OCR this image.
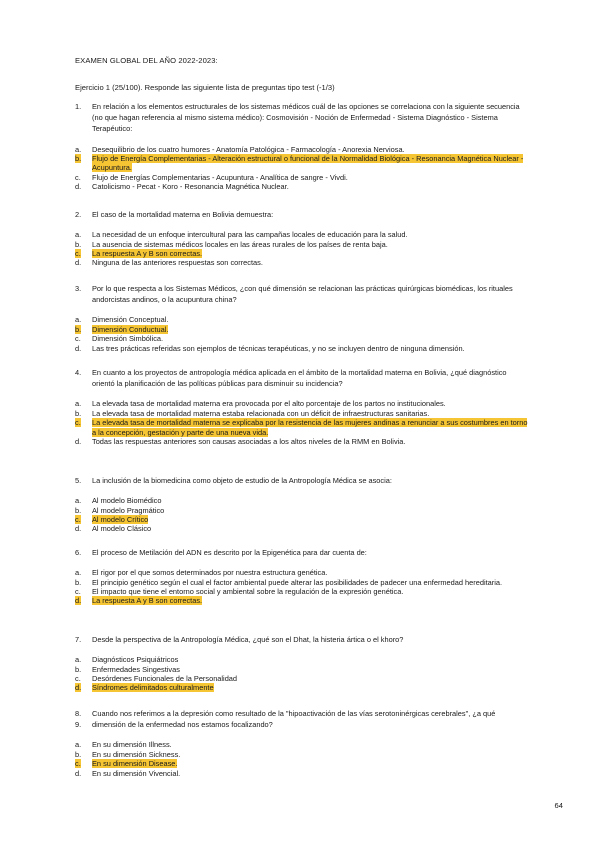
EXAMEN GLOBAL DEL AÑO 2022-2023:
Ejercicio 1 (25/100). Responde las siguiente lista de preguntas tipo test (-1/3)
1.	En relación a los elementos estructurales de los sistemas médicos cuál de las opciones se correlaciona con la siguiente secuencia (no que hagan referencia al mismo sistema médico): Cosmovisión - Noción de Enfermedad - Sistema Diagnóstico - Sistema Terapéutico:
a.	Desequilibrio de los cuatro humores - Anatomía Patológica - Farmacología - Anorexia Nerviosa.
b.	Flujo de Energía Complementarias - Alteración estructural o funcional de la Normalidad Biológica - Resonancia Magnética Nuclear - Acupuntura.
c.	Flujo de Energías Complementarias - Acupuntura - Analítica de sangre - Vivdi.
d.	Catolicismo - Pecat - Koro - Resonancia Magnética Nuclear.
2.	El caso de la mortalidad materna en Bolivia demuestra:
a.	La necesidad de un enfoque intercultural para las campañas locales de educación para la salud.
b.	La ausencia de sistemas médicos locales en las áreas rurales de los países de renta baja.
c.	La respuesta A y B son correctas.
d.	Ninguna de las anteriores respuestas son correctas.
3.	Por lo que respecta a los Sistemas Médicos, ¿con qué dimensión se relacionan las prácticas quirúrgicas biomédicas, los rituales andorcistas andinos, o la acupuntura china?
a.	Dimensión Conceptual.
b.	Dimensión Conductual.
c.	Dimensión Simbólica.
d.	Las tres prácticas referidas son ejemplos de técnicas terapéuticas, y no se incluyen dentro de ninguna dimensión.
4.	En cuanto a los proyectos de antropología médica aplicada en el ámbito de la mortalidad materna en Bolivia, ¿qué diagnóstico orientó la planificación de las políticas públicas para disminuir su incidencia?
a.	La elevada tasa de mortalidad materna era provocada por el alto porcentaje de los partos no institucionales.
b.	La elevada tasa de mortalidad materna estaba relacionada con un déficit de infraestructuras sanitarias.
c.	La elevada tasa de mortalidad materna se explicaba por la resistencia de las mujeres andinas a renunciar a sus costumbres en torno a la concepción, gestación y parte de una nueva vida.
d.	Todas las respuestas anteriores son causas asociadas a los altos niveles de la RMM en Bolivia.
5.	La inclusión de la biomedicina como objeto de estudio de la Antropología Médica se asocia:
a.	Al modelo Biomédico
b.	Al modelo Pragmático
c.	Al modelo Crítico
d.	Al modelo Clásico
6.	El proceso de Metilación del ADN es descrito por la Epigenética para dar cuenta de:
a.	El rigor por el que somos determinados por nuestra estructura genética.
b.	El principio genético según el cual el factor ambiental puede alterar las posibilidades de padecer una enfermedad hereditaria.
c.	El impacto que tiene el entorno social y ambiental sobre la regulación de la expresión genética.
d.	La respuesta A y B son correctas.
7.	Desde la perspectiva de la Antropología Médica, ¿qué son el Dhat, la histeria ártica o el khoro?
a.	Diagnósticos Psiquiátricos
b.	Enfermedades Singestivas
c.	Desórdenes Funcionales de la Personalidad
d.	Síndromes delimitados culturalmente
8.
9.
Cuando nos referimos a la depresión como resultado de la "hipoactivación de las vías serotoninérgicas cerebrales", ¿a qué dimensión de la enfermedad nos estamos focalizando?
a.	En su dimensión Illness.
b.	En su dimensión Sickness.
c.	En su dimensión Disease.
d.	En su dimensión Vivencial.
64
